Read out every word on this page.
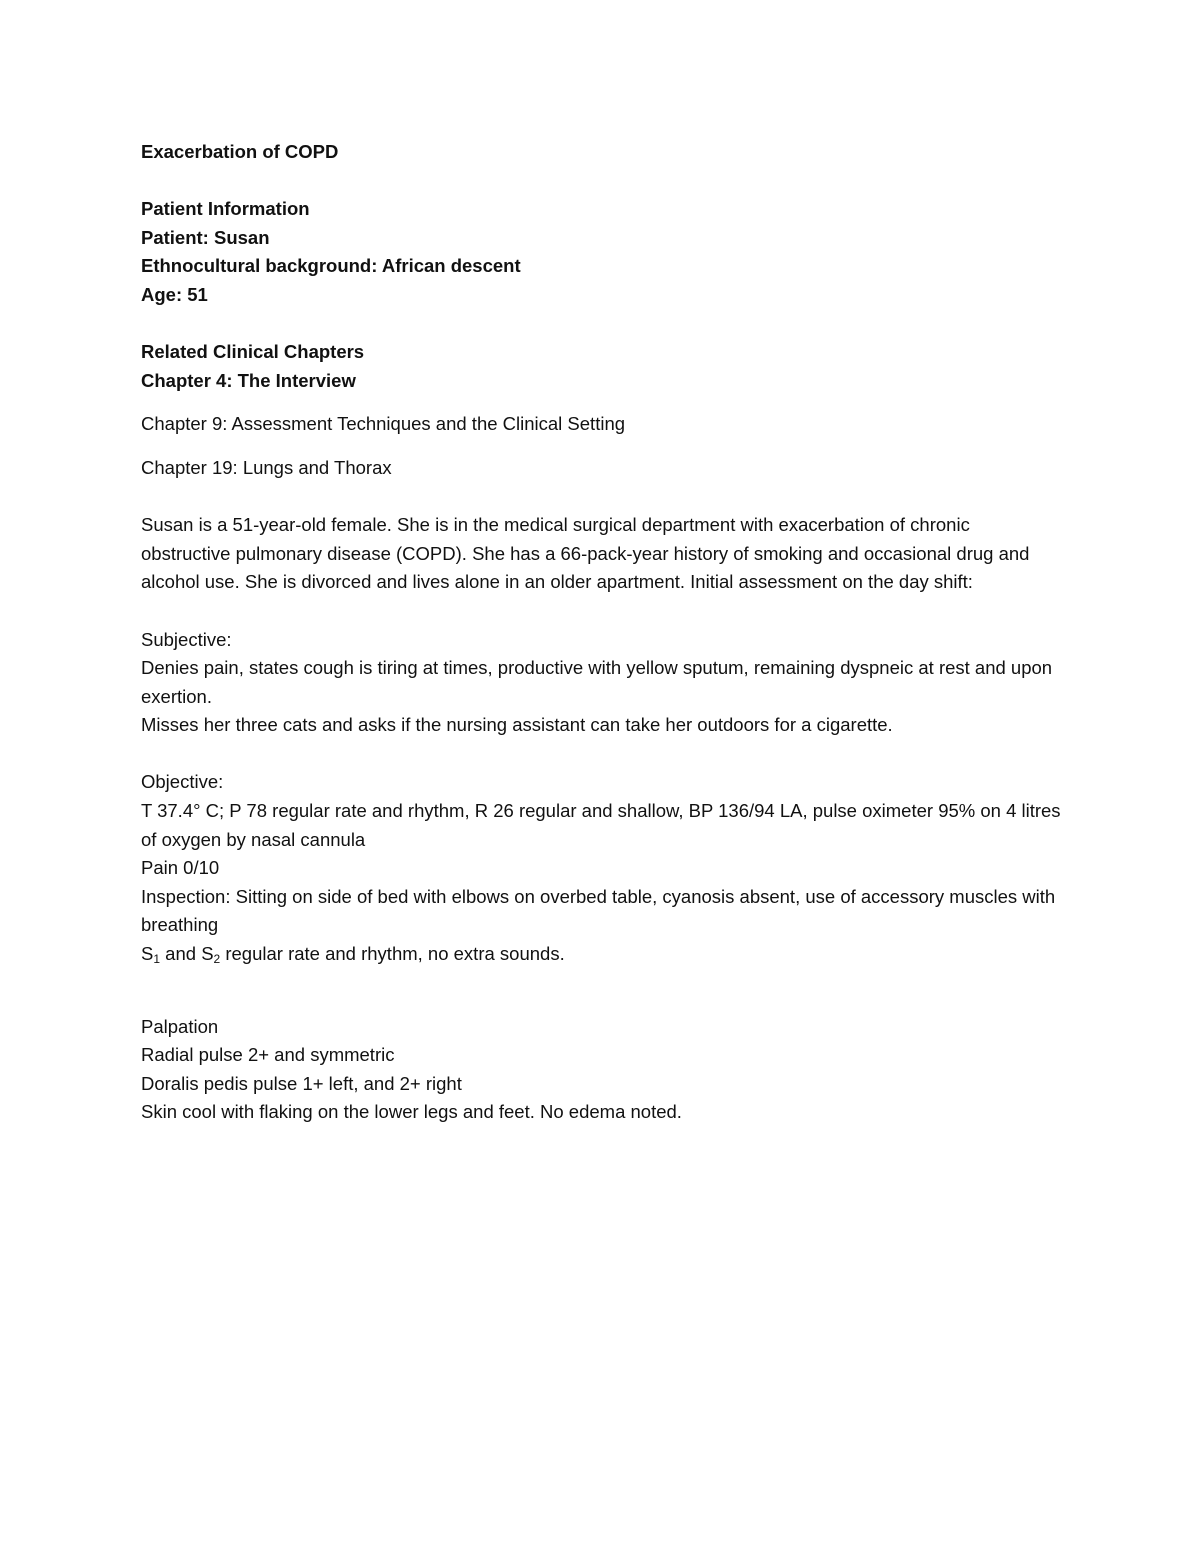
Exacerbation of COPD

Patient Information

Patient: Susan

Ethnocultural background: African descent

Age: 51

Related Clinical Chapters

Chapter 4: The Interview

Chapter 9: Assessment Techniques and the Clinical Setting

Chapter 19: Lungs and Thorax

Susan is a 51-year-old female. She is in the medical surgical department with exacerbation of chronic obstructive pulmonary disease (COPD). She has a 66-pack-year history of smoking and occasional drug and alcohol use. She is divorced and lives alone in an older apartment. Initial assessment on the day shift:

Subjective:

Denies pain, states cough is tiring at times, productive with yellow sputum, remaining dyspneic at rest and upon exertion.

Misses her three cats and asks if the nursing assistant can take her outdoors for a cigarette.

Objective:

T 37.4° C; P 78 regular rate and rhythm, R 26 regular and shallow, BP 136/94 LA, pulse oximeter 95% on 4 litres of oxygen by nasal cannula

Pain 0/10

Inspection: Sitting on side of bed with elbows on overbed table, cyanosis absent, use of accessory muscles with breathing

$S_1$ and $S_2$ regular rate and rhythm, no extra sounds.

Palpation

Radial pulse 2+ and symmetric

Doralis pedis pulse 1+ left, and 2+ right

Skin cool with flaking on the lower legs and feet. No edema noted.
